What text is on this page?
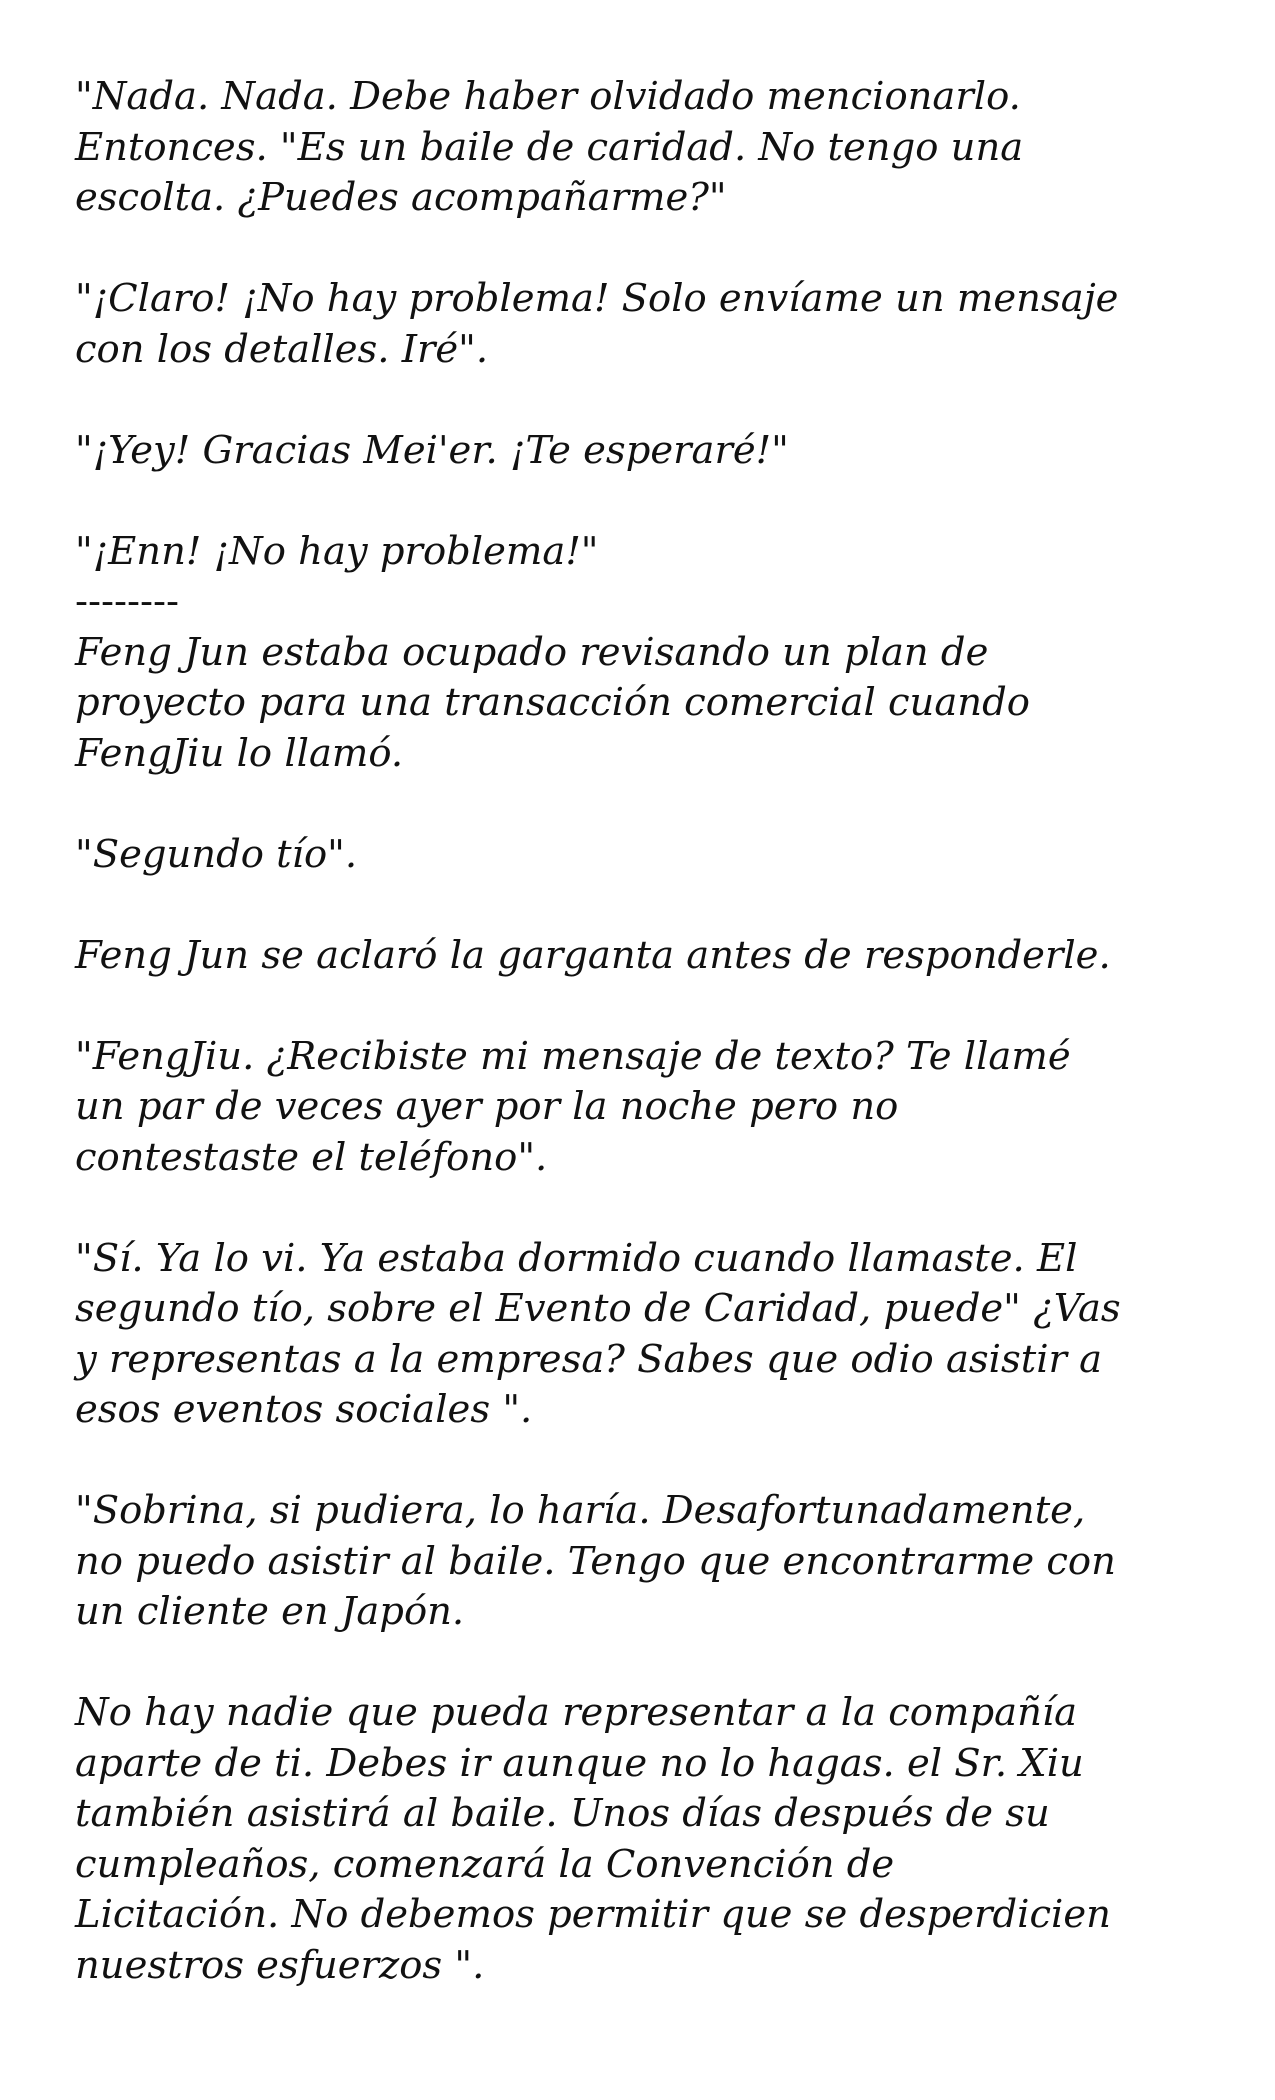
"Nada. Nada. Debe haber olvidado mencionarlo.
Entonces. "Es un baile de caridad. No tengo una
escolta. ¿Puedes acompañarme?"

"¡Claro! ¡No hay problema! Solo envíame un mensaje
con los detalles. Iré".

"¡Yey! Gracias Mei'er. ¡Te esperaré!"

"¡Enn! ¡No hay problema!"

--------

Feng Jun estaba ocupado revisando un plan de
proyecto para una transacción comercial cuando
FengJiu lo llamó.

"Segundo tío".

Feng Jun se aclaró la garganta antes de responderle.

"FengJiu. ¿Recibiste mi mensaje de texto? Te llamé
un par de veces ayer por la noche pero no
contestaste el teléfono".

"Sí. Ya lo vi. Ya estaba dormido cuando llamaste. El
segundo tío, sobre el Evento de Caridad, puede" ¿Vas
y representas a la empresa? Sabes que odio asistir a
esos eventos sociales ".

"Sobrina, si pudiera, lo haría. Desafortunadamente,
no puedo asistir al baile. Tengo que encontrarme con
un cliente en Japón.

No hay nadie que pueda representar a la compañía
aparte de ti. Debes ir aunque no lo hagas. el Sr. Xiu
también asistirá al baile. Unos días después de su
cumpleaños, comenzará la Convención de
Licitación. No debemos permitir que se desperdicien
nuestros esfuerzos ".
